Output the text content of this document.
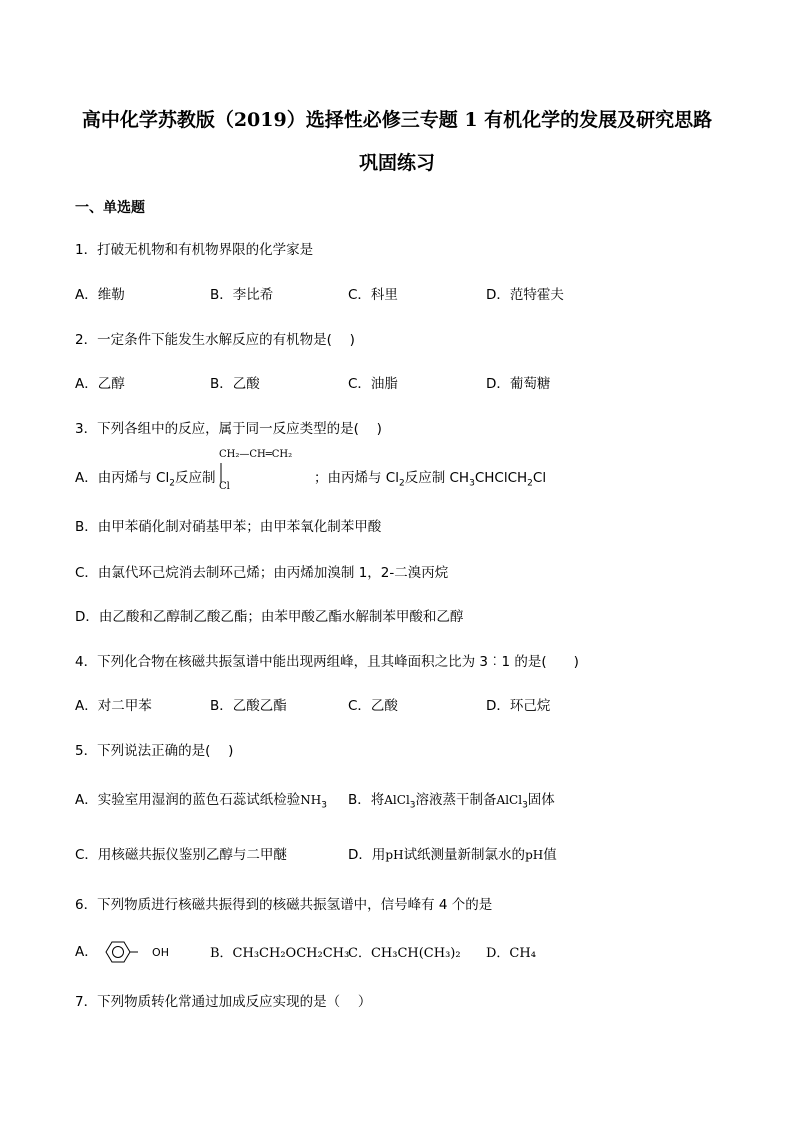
高中化学苏教版（2019）选择性必修三专题 1 有机化学的发展及研究思路
巩固练习
一、单选题
1．打破无机物和有机物界限的化学家是
A．维勒	B．李比希	C．科里	D．范特霍夫
2．一定条件下能发生水解反应的有机物是(　 )
A．乙醇	B．乙酸	C．油脂	D．葡萄糖
3．下列各组中的反应，属于同一反应类型的是(　 )
A．由丙烯与 $Cl_2$反应制
CH₂—CH═CH₂
Cl
；由丙烯与 $Cl_2$反应制 $CH_3CHClCH_2Cl$
B．由甲苯硝化制对硝基甲苯；由甲苯氧化制苯甲酸
C．由氯代环己烷消去制环己烯；由丙烯加溴制 1，2-二溴丙烷
D．由乙酸和乙醇制乙酸乙酯；由苯甲酸乙酯水解制苯甲酸和乙醇
4．下列化合物在核磁共振氢谱中能出现两组峰，且其峰面积之比为 3︰1 的是(　　)
A．对二甲苯	B．乙酸乙酯	C．乙酸	D．环己烷
5．下列说法正确的是(　 )
A．实验室用湿润的蓝色石蕊试纸检验$NH_3$ B．将AlCl$_3$溶液蒸干制备AlCl$_3$固体
C．用核磁共振仪鉴别乙醇与二甲醚	D．用pH试纸测量新制氯水的pH值
6．下列物质进行核磁共振得到的核磁共振氢谱中，信号峰有 4 个的是
A．	OH	B．CH₃CH₂OCH₂CH₃
C．CH₃CH(CH₃)₂ D．CH₄
7．下列物质转化常通过加成反应实现的是（　 ）
